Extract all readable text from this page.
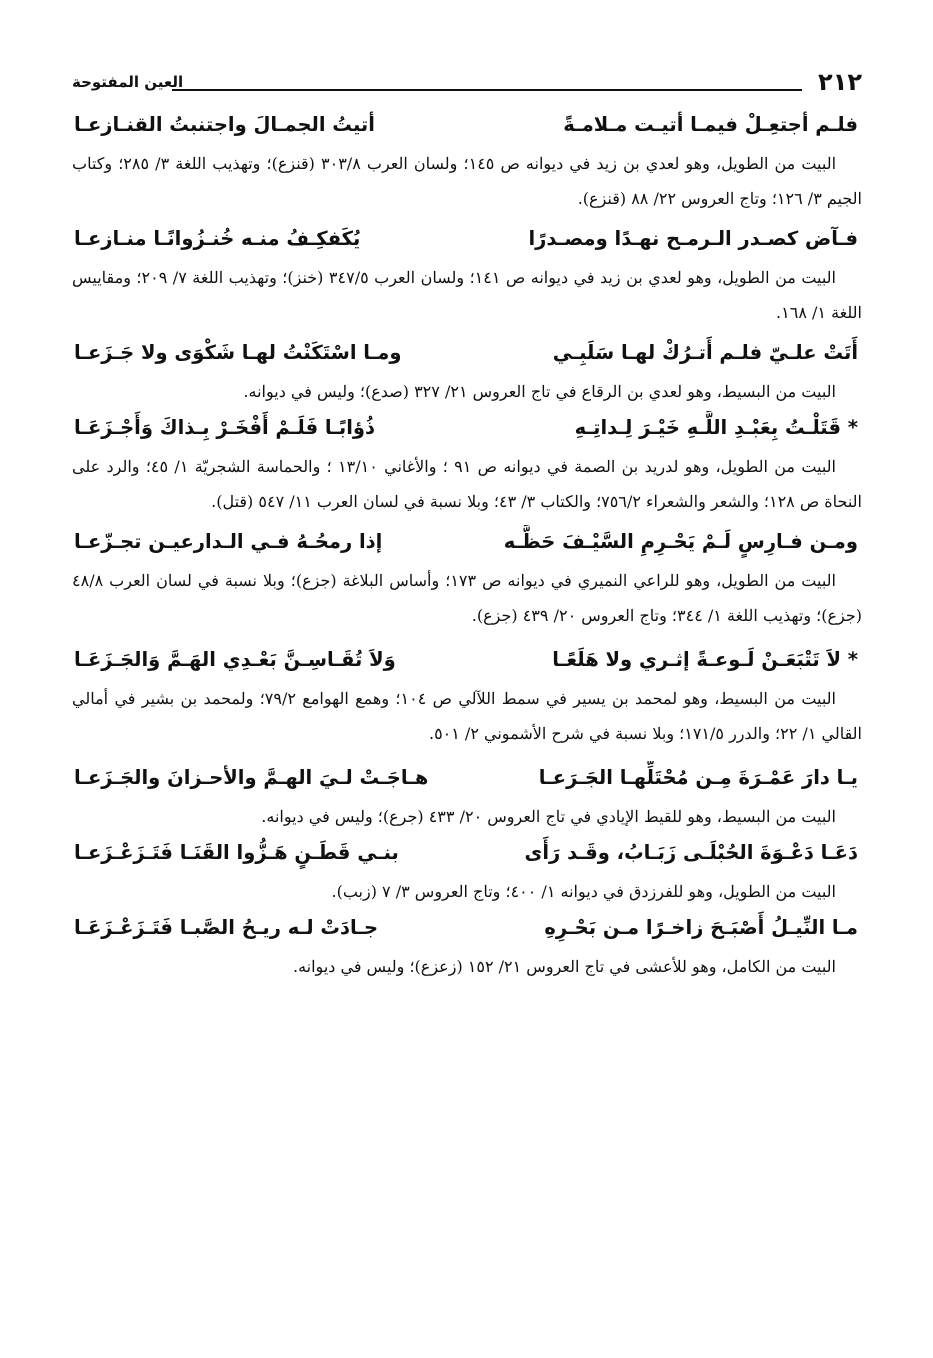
٢١٢
العين المفتوحة
فلـم أجتعِـلْ فيمـا أتيـت مـلامـةً
أتيتُ الجمـالَ واجتنبتُ القنـازعـا

البيت من الطويل، وهو لعدي بن زيد في ديوانه ص ١٤٥؛ ولسان العرب ٣٠٣/٨ (قنزع)؛ وتهذيب اللغة ٣/ ٢٨٥؛ وكتاب الجيم ٣/ ١٢٦؛ وتاج العروس ٢٢/ ٨٨ (قنزع).

فـآض كصـدر الـرمـح نهـدًا ومصـدرًا
يُكَفكِـفُ منـه خُنـزُوانًـا منـازعـا

البيت من الطويل، وهو لعدي بن زيد في ديوانه ص ١٤١؛ ولسان العرب ٣٤٧/٥ (خنز)؛ وتهذيب اللغة ٧/ ٢٠٩؛ ومقاييس اللغة ١/ ١٦٨.

أَتَتْ علـيّ فلـم أَتـرُكْ لهـا سَلَبِـي
ومـا اسْتَكَنْتُ لهـا شَكْوَى ولا جَـزَعـا

البيت من البسيط، وهو لعدي بن الرقاع في تاج العروس ٢١/ ٣٢٧ (صدع)؛ وليس في ديوانه.

* قَتَلْـتُ بِعَبْـدِ اللَّـهِ خَيْـرَ لِـداتِـهِ
ذُؤابًـا فَلَـمْ أَفْخَـرْ بِـذاكَ وَأَجْـزَعَـا

البيت من الطويل، وهو لدريد بن الصمة في ديوانه ص ٩١ ؛ والأغاني ١٣/١٠ ؛ والحماسة الشجريّة ١/ ٤٥؛ والرد على النحاة ص ١٢٨؛ والشعر والشعراء ٧٥٦/٢؛ والكتاب ٣/ ٤٣؛ وبلا نسبة في لسان العرب ١١/ ٥٤٧ (قتل).

ومـن فـارِسٍ لَـمْ يَحْـرِمِ السَّيْـفَ حَظَّـه
إذا رمحُـهُ فـي الـدارعيـن تجـزّعـا

البيت من الطويل، وهو للراعي النميري في ديوانه ص ١٧٣؛ وأساس البلاغة (جزع)؛ وبلا نسبة في لسان العرب ٤٨/٨ (جزع)؛ وتهذيب اللغة ١/ ٣٤٤؛ وتاج العروس ٢٠/ ٤٣٩ (جزع).

* لاَ تَتْبَعَـنْ لَـوعـةً إثـري ولا هَلَعًـا
وَلاَ تُقَـاسِـنَّ بَعْـدِي الهَـمَّ وَالجَـزَعَـا

البيت من البسيط، وهو لمحمد بن يسير في سمط اللآلي ص ١٠٤؛ وهمع الهوامع ٧٩/٢؛ ولمحمد بن بشير في أمالي القالي ١/ ٢٢؛ والدرر ١٧١/٥؛ وبلا نسبة في شرح الأشموني ٢/ ٥٠١.

يـا دارَ عَمْـرَةَ مِـن مُحْتَلِّهـا الجَـرَعـا
هـاجَـتْ لـيَ الهـمَّ والأحـزانَ والجَـزَعـا

البيت من البسيط، وهو للقيط الإيادي في تاج العروس ٢٠/ ٤٣٣ (جرع)؛ وليس في ديوانه.

دَعَـا دَعْـوَةَ الحُبْلَـى زَبَـابُ، وقَـد رَأَى
بنـي قَطَـنٍ هَـزُّوا القَنَـا فَتَـزَعْـزَعـا

البيت من الطويل، وهو للفرزدق في ديوانه ١/ ٤٠٠؛ وتاج العروس ٣/ ٧ (زبب).

مـا النِّيـلُ أَصْبَـحَ زاخـرًا مـن بَحْـرِهِ
جـادَتْ لـه ريـحُ الصَّبـا فَتَـزَعْـزَعَـا

البيت من الكامل، وهو للأعشى في تاج العروس ٢١/ ١٥٢ (زعزع)؛ وليس في ديوانه.
